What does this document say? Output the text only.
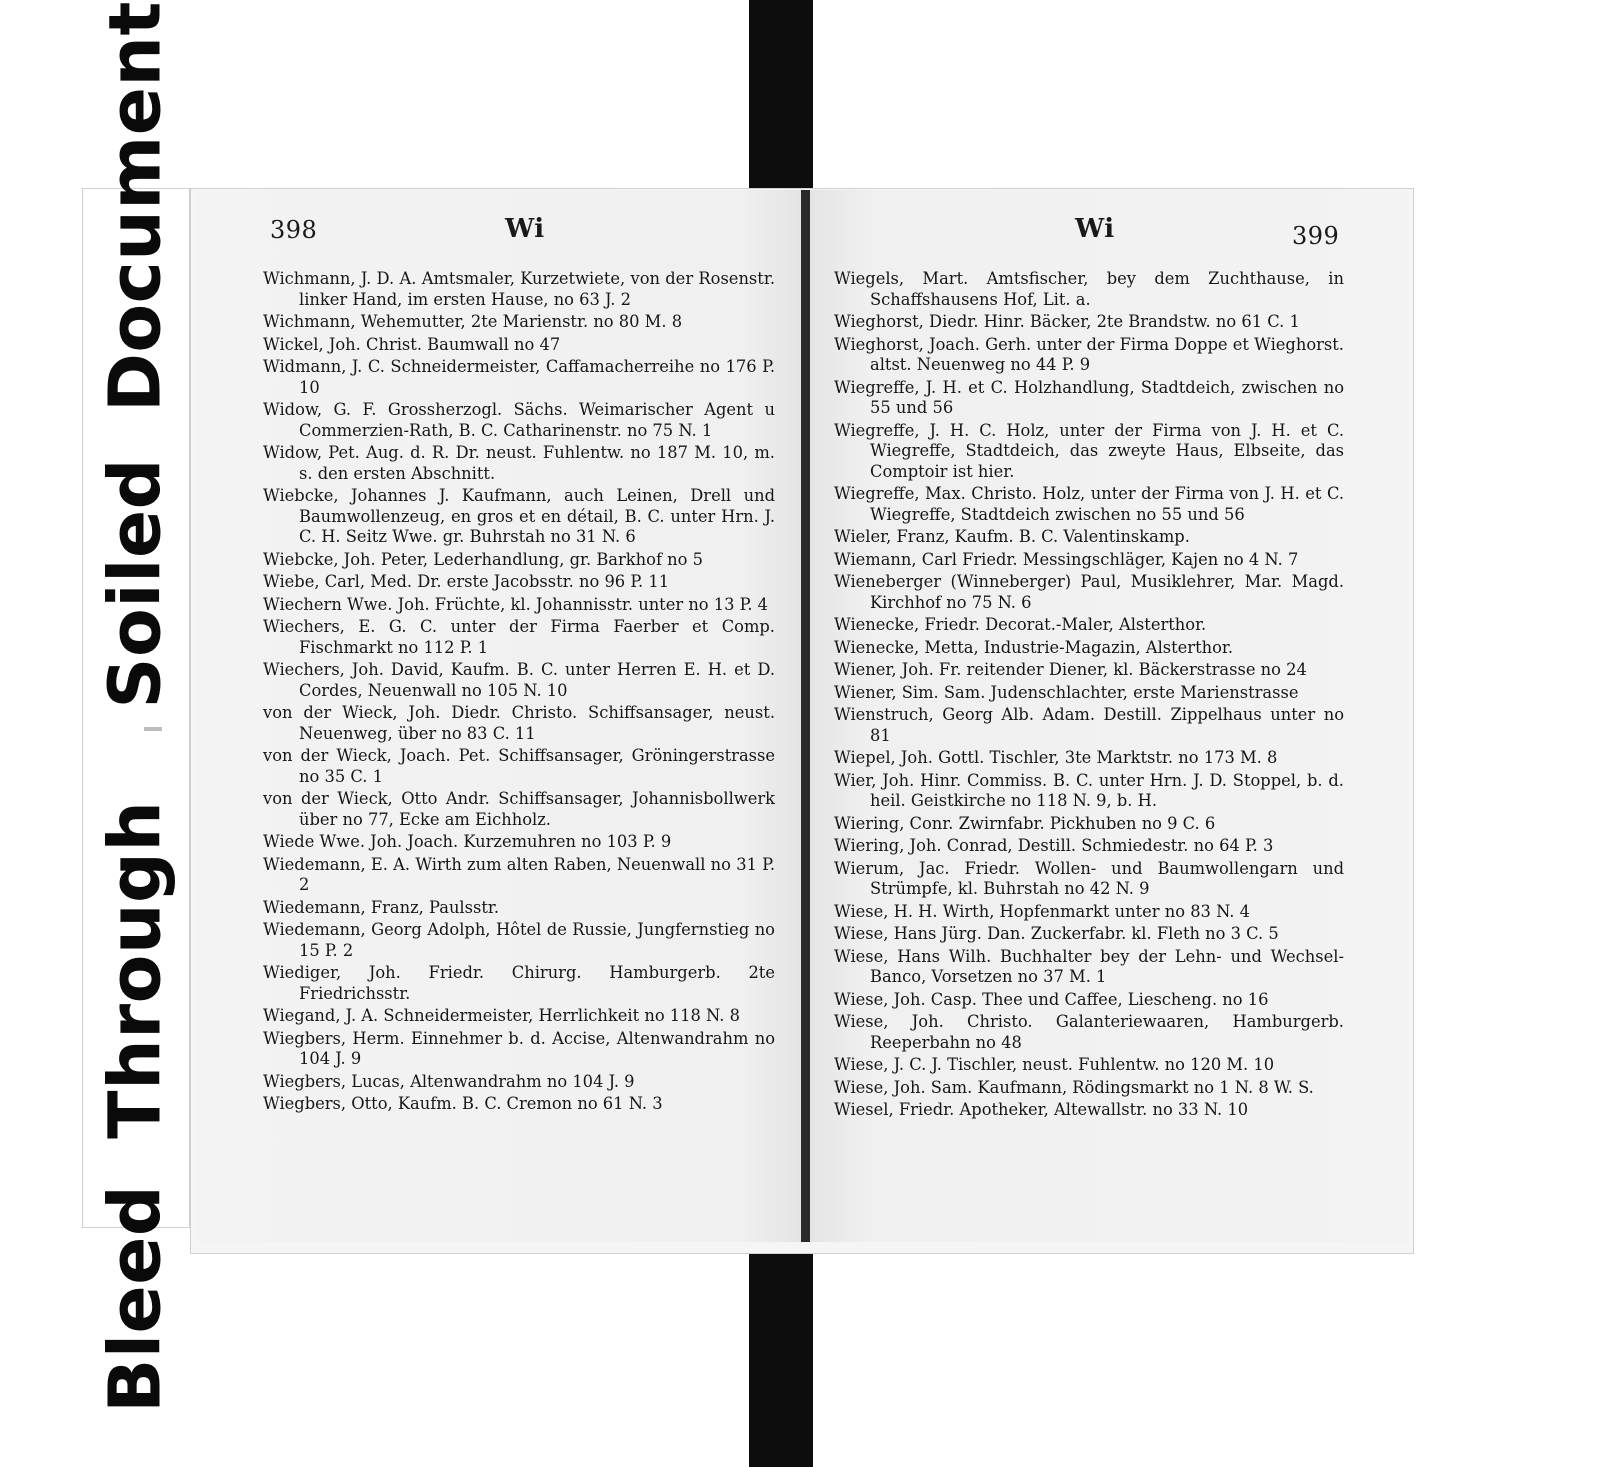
BleedThroughSoiledDocument	398	Wi
Wichmann, J. D. A. Amtsmaler, Kurzetwiete, von der Rosenstr. linker Hand, im ersten Hause, no 63 J. 2
Wichmann, Wehemutter, 2te Marienstr. no 80 M. 8
Wickel, Joh. Christ. Baumwall no 47
Widmann, J. C. Schneidermeister, Caffamacherreihe no 176 P. 10
Widow, G. F. Grossherzogl. Sächs. Weimarischer Agent u Commerzien-Rath, B. C. Catharinenstr. no 75 N. 1
Widow, Pet. Aug. d. R. Dr. neust. Fuhlentw. no 187 M. 10, m. s. den ersten Abschnitt.
Wiebcke, Johannes J. Kaufmann, auch Leinen, Drell und Baumwollenzeug, en gros et en détail, B. C. unter Hrn. J. C. H. Seitz Wwe. gr. Buhrstah no 31 N. 6
Wiebcke, Joh. Peter, Lederhandlung, gr. Barkhof no 5
Wiebe, Carl, Med. Dr. erste Jacobsstr. no 96 P. 11
Wiechern Wwe. Joh. Früchte, kl. Johannisstr. unter no 13 P. 4
Wiechers, E. G. C. unter der Firma Faerber et Comp. Fischmarkt no 112 P. 1
Wiechers, Joh. David, Kaufm. B. C. unter Herren E. H. et D. Cordes, Neuenwall no 105 N. 10
von der Wieck, Joh. Diedr. Christo. Schiffsansager, neust. Neuenweg, über no 83 C. 11
von der Wieck, Joach. Pet. Schiffsansager, Gröningerstrasse no 35 C. 1
von der Wieck, Otto Andr. Schiffsansager, Johannisbollwerk über no 77, Ecke am Eichholz.
Wiede Wwe. Joh. Joach. Kurzemuhren no 103 P. 9
Wiedemann, E. A. Wirth zum alten Raben, Neuenwall no 31 P. 2
Wiedemann, Franz, Paulsstr.
Wiedemann, Georg Adolph, Hôtel de Russie, Jungfernstieg no 15 P. 2
Wiediger, Joh. Friedr. Chirurg. Hamburgerb. 2te Friedrichsstr.
Wiegand, J. A. Schneidermeister, Herrlichkeit no 118 N. 8
Wiegbers, Herm. Einnehmer b. d. Accise, Altenwandrahm no 104 J. 9
Wiegbers, Lucas, Altenwandrahm no 104 J. 9
Wiegbers, Otto, Kaufm. B. C. Cremon no 61 N. 3
Wi	399
Wiegels, Mart. Amtsfischer, bey dem Zuchthause, in Schaffshausens Hof, Lit. a.
Wieghorst, Diedr. Hinr. Bäcker, 2te Brandstw. no 61 C. 1
Wieghorst, Joach. Gerh. unter der Firma Doppe et Wieghorst. altst. Neuenweg no 44 P. 9
Wiegreffe, J. H. et C. Holzhandlung, Stadtdeich, zwischen no 55 und 56
Wiegreffe, J. H. C. Holz, unter der Firma von J. H. et C. Wiegreffe, Stadtdeich, das zweyte Haus, Elbseite, das Comptoir ist hier.
Wiegreffe, Max. Christo. Holz, unter der Firma von J. H. et C. Wiegreffe, Stadtdeich zwischen no 55 und 56
Wieler, Franz, Kaufm. B. C. Valentinskamp.
Wiemann, Carl Friedr. Messingschläger, Kajen no 4 N. 7
Wieneberger (Winneberger) Paul, Musiklehrer, Mar. Magd. Kirchhof no 75 N. 6
Wienecke, Friedr. Decorat.-Maler, Alsterthor.
Wienecke, Metta, Industrie-Magazin, Alsterthor.
Wiener, Joh. Fr. reitender Diener, kl. Bäckerstrasse no 24
Wiener, Sim. Sam. Judenschlachter, erste Marienstrasse
Wienstruch, Georg Alb. Adam. Destill. Zippelhaus unter no 81
Wiepel, Joh. Gottl. Tischler, 3te Marktstr. no 173 M. 8
Wier, Joh. Hinr. Commiss. B. C. unter Hrn. J. D. Stoppel, b. d. heil. Geistkirche no 118 N. 9, b. H.
Wiering, Conr. Zwirnfabr. Pickhuben no 9 C. 6
Wiering, Joh. Conrad, Destill. Schmiedestr. no 64 P. 3
Wierum, Jac. Friedr. Wollen- und Baumwollengarn und Strümpfe, kl. Buhrstah no 42 N. 9
Wiese, H. H. Wirth, Hopfenmarkt unter no 83 N. 4
Wiese, Hans Jürg. Dan. Zuckerfabr. kl. Fleth no 3 C. 5
Wiese, Hans Wilh. Buchhalter bey der Lehn- und Wechsel-Banco, Vorsetzen no 37 M. 1
Wiese, Joh. Casp. Thee und Caffee, Liescheng. no 16
Wiese, Joh. Christo. Galanteriewaaren, Hamburgerb. Reeperbahn no 48
Wiese, J. C. J. Tischler, neust. Fuhlentw. no 120 M. 10
Wiese, Joh. Sam. Kaufmann, Rödingsmarkt no 1 N. 8 W. S.
Wiesel, Friedr. Apotheker, Altewallstr. no 33 N. 10
